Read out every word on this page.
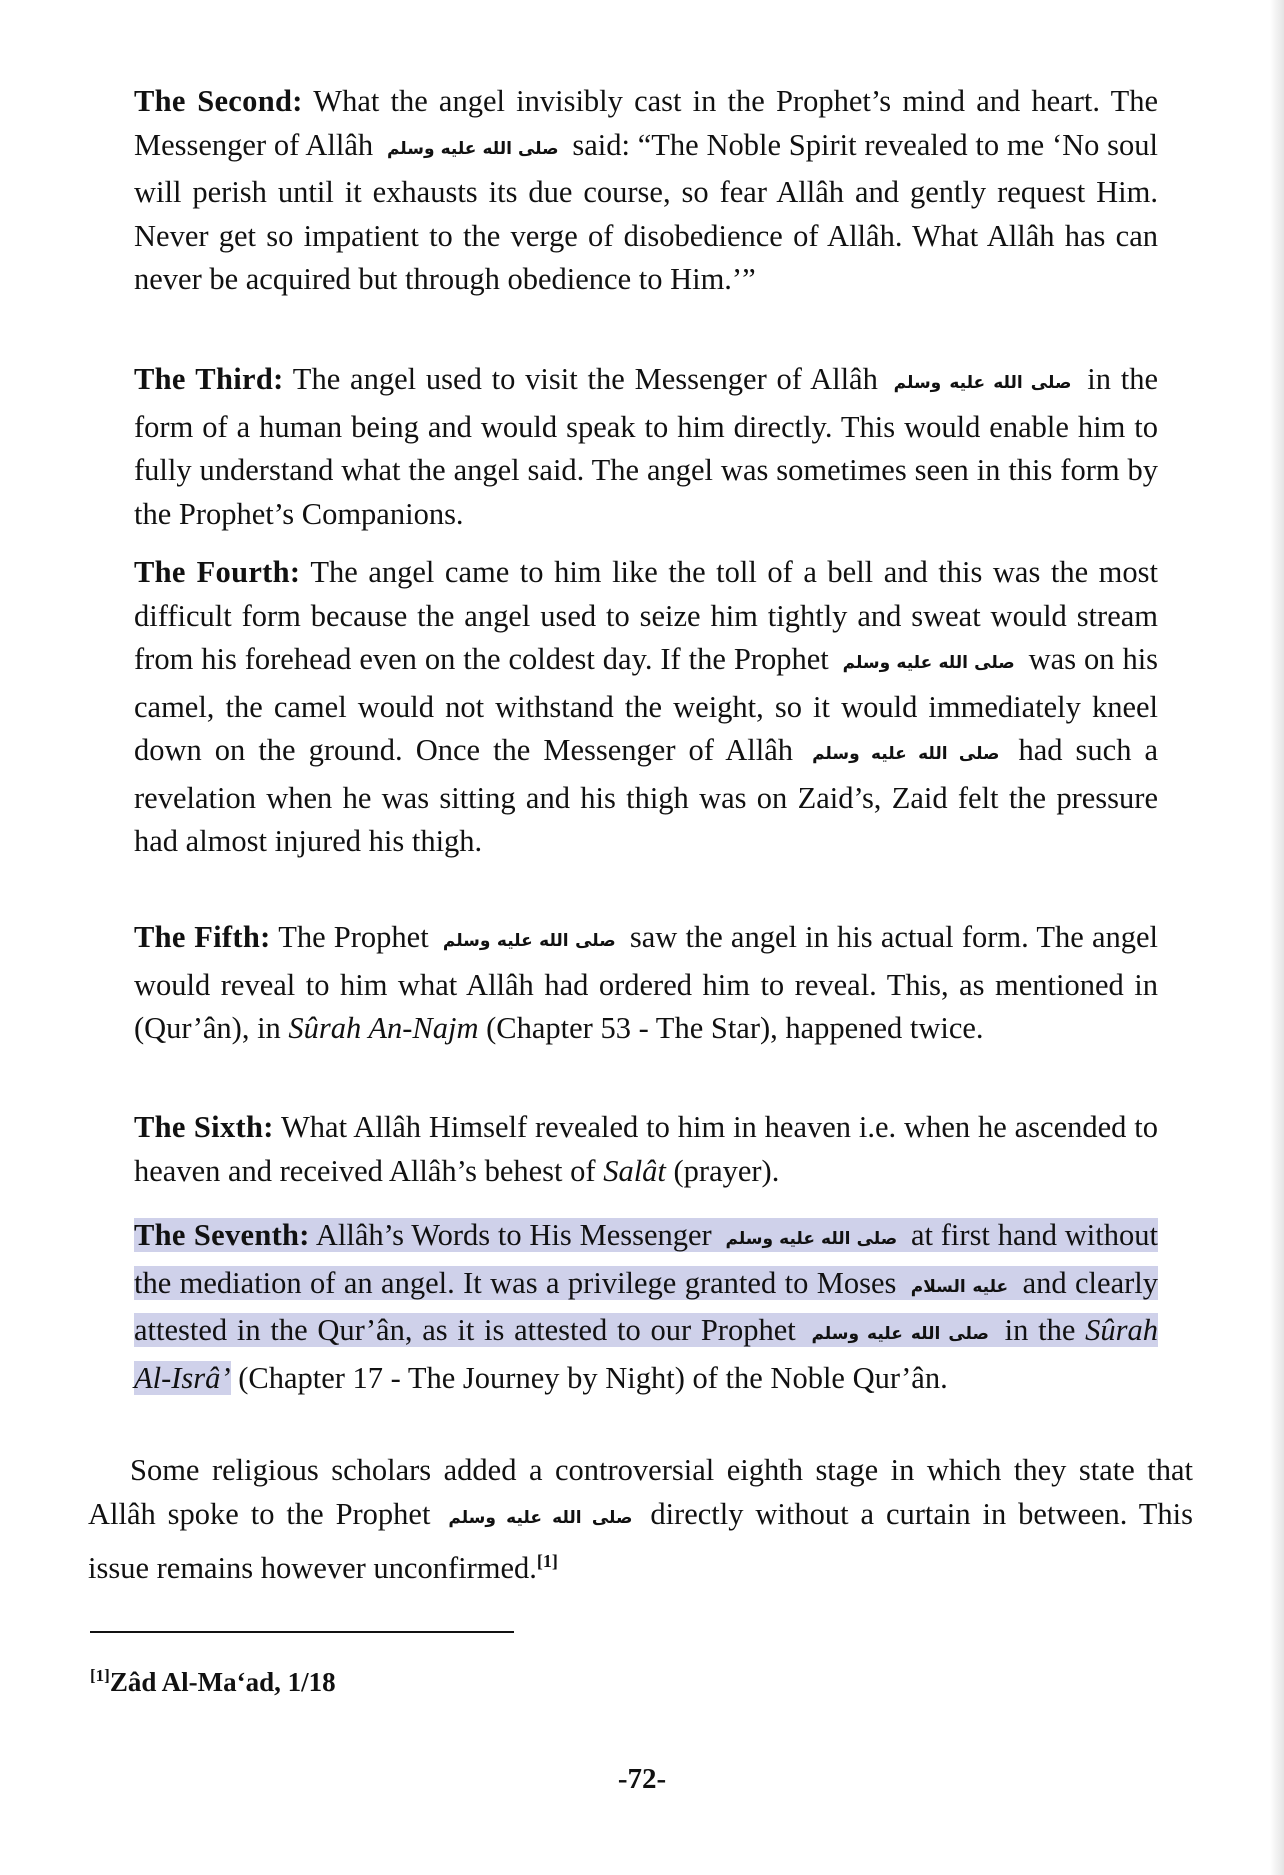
The Second: What the angel invisibly cast in the Prophet’s mind and heart. The Messenger of Allâh صلى الله عليه وسلم said: “The Noble Spirit revealed to me ‘No soul will perish until it exhausts its due course, so fear Allâh and gently request Him. Never get so impatient to the verge of disobedience of Allâh. What Allâh has can never be acquired but through obedience to Him.’”
The Third: The angel used to visit the Messenger of Allâh صلى الله عليه وسلم in the form of a human being and would speak to him directly. This would enable him to fully understand what the angel said. The angel was sometimes seen in this form by the Prophet’s Companions.
The Fourth: The angel came to him like the toll of a bell and this was the most difficult form because the angel used to seize him tightly and sweat would stream from his forehead even on the coldest day. If the Prophet صلى الله عليه وسلم was on his camel, the camel would not withstand the weight, so it would immediately kneel down on the ground. Once the Messenger of Allâh صلى الله عليه وسلم had such a revelation when he was sitting and his thigh was on Zaid’s, Zaid felt the pressure had almost injured his thigh.
The Fifth: The Prophet صلى الله عليه وسلم saw the angel in his actual form. The angel would reveal to him what Allâh had ordered him to reveal. This, as mentioned in (Qur’ân), in Sûrah An-Najm (Chapter 53 - The Star), happened twice.
The Sixth: What Allâh Himself revealed to him in heaven i.e. when he ascended to heaven and received Allâh’s behest of Salât (prayer).
The Seventh: Allâh’s Words to His Messenger صلى الله عليه وسلم at first hand without the mediation of an angel. It was a privilege granted to Moses عليه السلام and clearly attested in the Qur’ân, as it is attested to our Prophet صلى الله عليه وسلم in the Sûrah Al-Isrâ’ (Chapter 17 - The Journey by Night) of the Noble Qur’ân.
Some religious scholars added a controversial eighth stage in which they state that Allâh spoke to the Prophet صلى الله عليه وسلم directly without a curtain in between. This issue remains however unconfirmed.[1]
[1]Zâd Al-Ma‘ad, 1/18
-72-
